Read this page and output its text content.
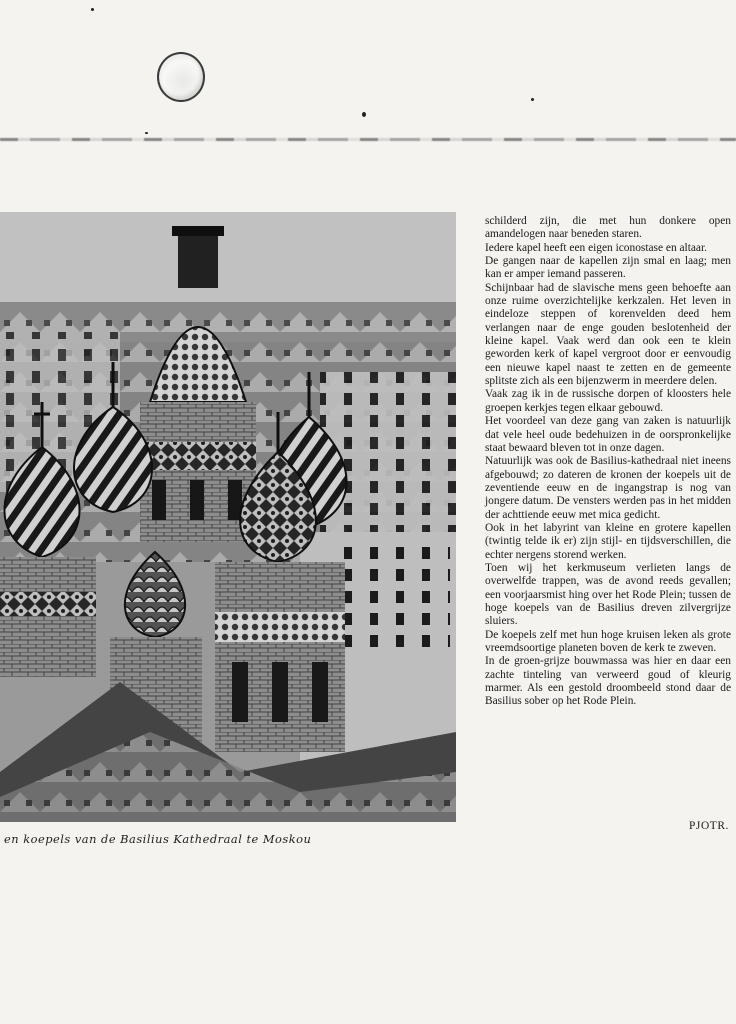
en koepels van de Basilius Kathedraal te Moskou

schilderd zijn, die met hun donkere open amandelogen naar beneden staren.

Iedere kapel heeft een eigen iconostase en altaar.

De gangen naar de kapellen zijn smal en laag; men kan er amper iemand passeren.

Schijnbaar had de slavische mens geen behoefte aan onze ruime overzichtelijke kerkzalen. Het leven in eindeloze steppen of korenvelden deed hem verlangen naar de enge gouden beslotenheid der kleine kapel. Vaak werd dan ook een te klein geworden kerk of kapel vergroot door er eenvoudig een nieuwe kapel naast te zetten en de gemeente splitste zich als een bijenzwerm in meerdere delen.

Vaak zag ik in de russische dorpen of kloosters hele groepen kerkjes tegen elkaar gebouwd.

Het voordeel van deze gang van zaken is natuurlijk dat vele heel oude bedehuizen in de oorspronkelijke staat bewaard bleven tot in onze dagen.

Natuurlijk was ook de Basilius-kathedraal niet ineens afgebouwd; zo dateren de kronen der koepels uit de zeventiende eeuw en de ingangstrap is nog van jongere datum. De vensters werden pas in het midden der achttiende eeuw met mica gedicht.

Ook in het labyrint van kleine en grotere kapellen (twintig telde ik er) zijn stijl- en tijdsverschillen, die echter nergens storend werken.

Toen wij het kerkmuseum verlieten langs de overwelfde trappen, was de avond reeds gevallen; een voorjaarsmist hing over het Rode Plein; tussen de hoge koepels van de Basilius dreven zilvergrijze sluiers.

De koepels zelf met hun hoge kruisen leken als grote vreemdsoortige planeten boven de kerk te zweven.

In de groen-grijze bouwmassa was hier en daar een zachte tinteling van verweerd goud of kleurig marmer. Als een gestold droombeeld stond daar de Basilius sober op het Rode Plein.

PJOTR.
